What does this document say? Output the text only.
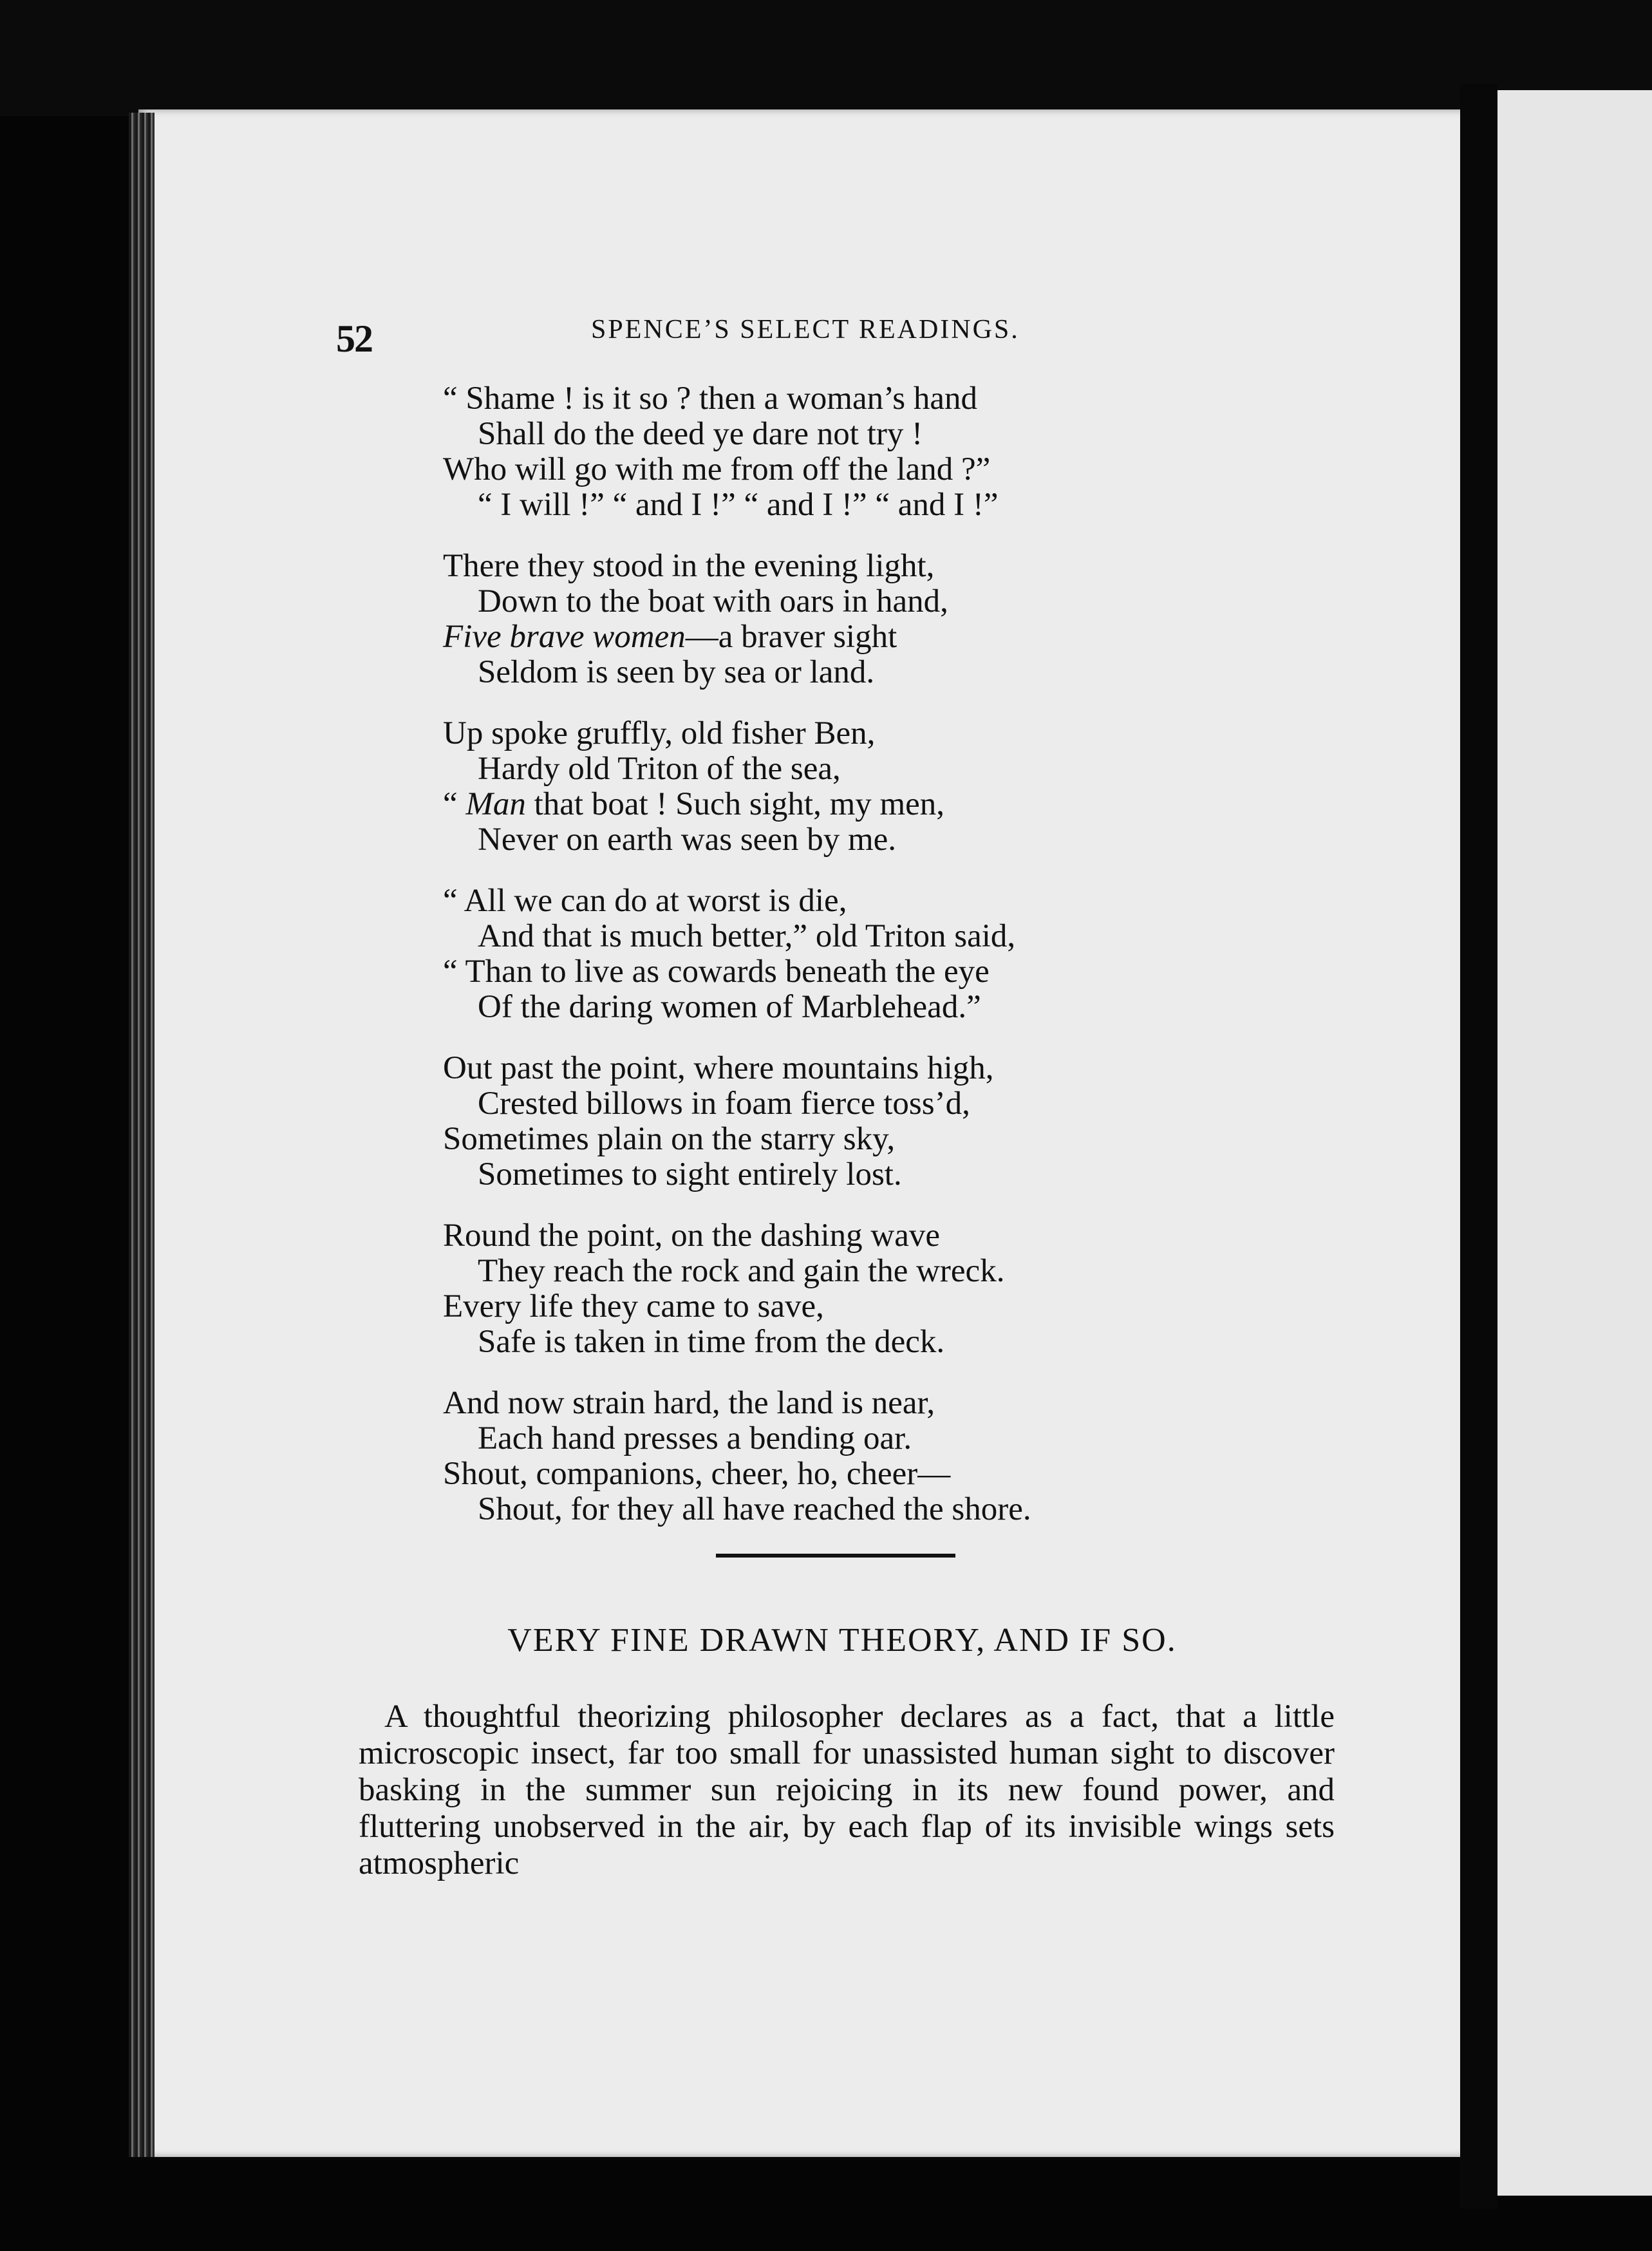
52	SPENCE’S SELECT READINGS.

“ Shame ! is it so ? then a woman’s hand
Shall do the deed ye dare not try !
Who will go with me from off the land ?”
“ I will !” “ and I !” “ and I !” “ and I !”
There they stood in the evening light,
Down to the boat with oars in hand,
Five brave women—a braver sight
Seldom is seen by sea or land.
Up spoke gruffly, old fisher Ben,
Hardy old Triton of the sea,
“ Man that boat ! Such sight, my men,
Never on earth was seen by me.
“ All we can do at worst is die,
And that is much better,” old Triton said,
“ Than to live as cowards beneath the eye
Of the daring women of Marblehead.”
Out past the point, where mountains high,
Crested billows in foam fierce toss’d,
Sometimes plain on the starry sky,
Sometimes to sight entirely lost.
Round the point, on the dashing wave
They reach the rock and gain the wreck.
Every life they came to save,
Safe is taken in time from the deck.
And now strain hard, the land is near,
Each hand presses a bending oar.
Shout, companions, cheer, ho, cheer—
Shout, for they all have reached the shore.
VERY FINE DRAWN THEORY, AND IF SO.

A thoughtful theorizing philosopher declares as a fact, that a little microscopic insect, far too small for unassisted human sight to discover basking in the summer sun rejoicing in its new found power, and fluttering unobserved in the air, by each flap of its invisible wings sets atmospheric
